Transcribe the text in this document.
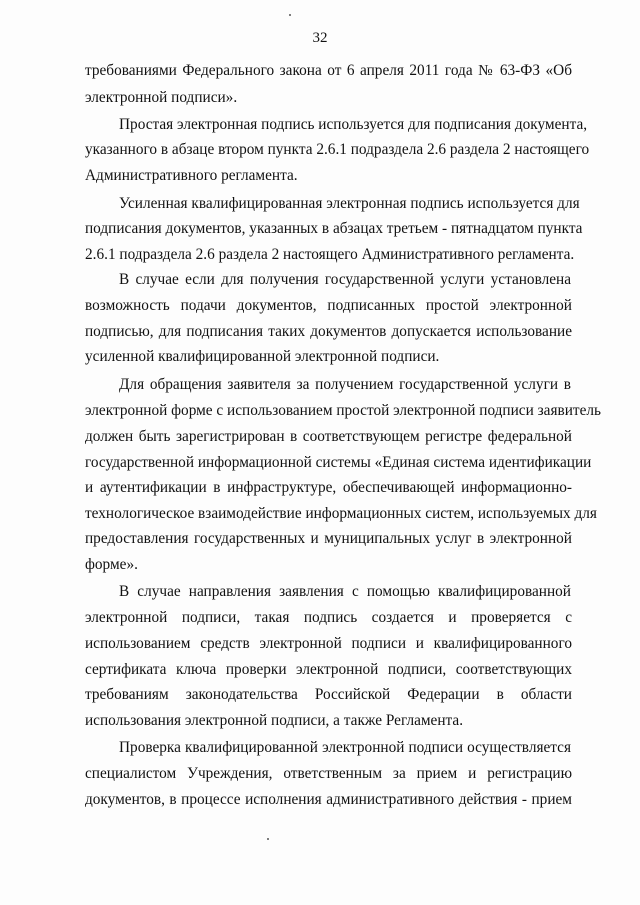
32
требованиями Федерального закона от 6 апреля 2011 года № 63-ФЗ «Об
электронной подписи».
Простая электронная подпись используется для подписания документа,
указанного в абзаце втором пункта 2.6.1 подраздела 2.6 раздела 2 настоящего
Административного регламента.
Усиленная квалифицированная электронная подпись используется для
подписания документов, указанных в абзацах третьем - пятнадцатом пункта
2.6.1 подраздела 2.6 раздела 2 настоящего Административного регламента.
В случае если для получения государственной услуги установлена
возможность подачи документов, подписанных простой электронной
подписью, для подписания таких документов допускается использование
усиленной квалифицированной электронной подписи.
Для обращения заявителя за получением государственной услуги в
электронной форме с использованием простой электронной подписи заявитель
должен быть зарегистрирован в соответствующем регистре федеральной
государственной информационной системы «Единая система идентификации
и аутентификации в инфраструктуре, обеспечивающей информационно-
технологическое взаимодействие информационных систем, используемых для
предоставления государственных и муниципальных услуг в электронной
форме».
В случае направления заявления с помощью квалифицированной
электронной подписи, такая подпись создается и проверяется с
использованием средств электронной подписи и квалифицированного
сертификата ключа проверки электронной подписи, соответствующих
требованиям законодательства Российской Федерации в области
использования электронной подписи, а также Регламента.
Проверка квалифицированной электронной подписи осуществляется
специалистом Учреждения, ответственным за прием и регистрацию
документов, в процессе исполнения административного действия - прием
